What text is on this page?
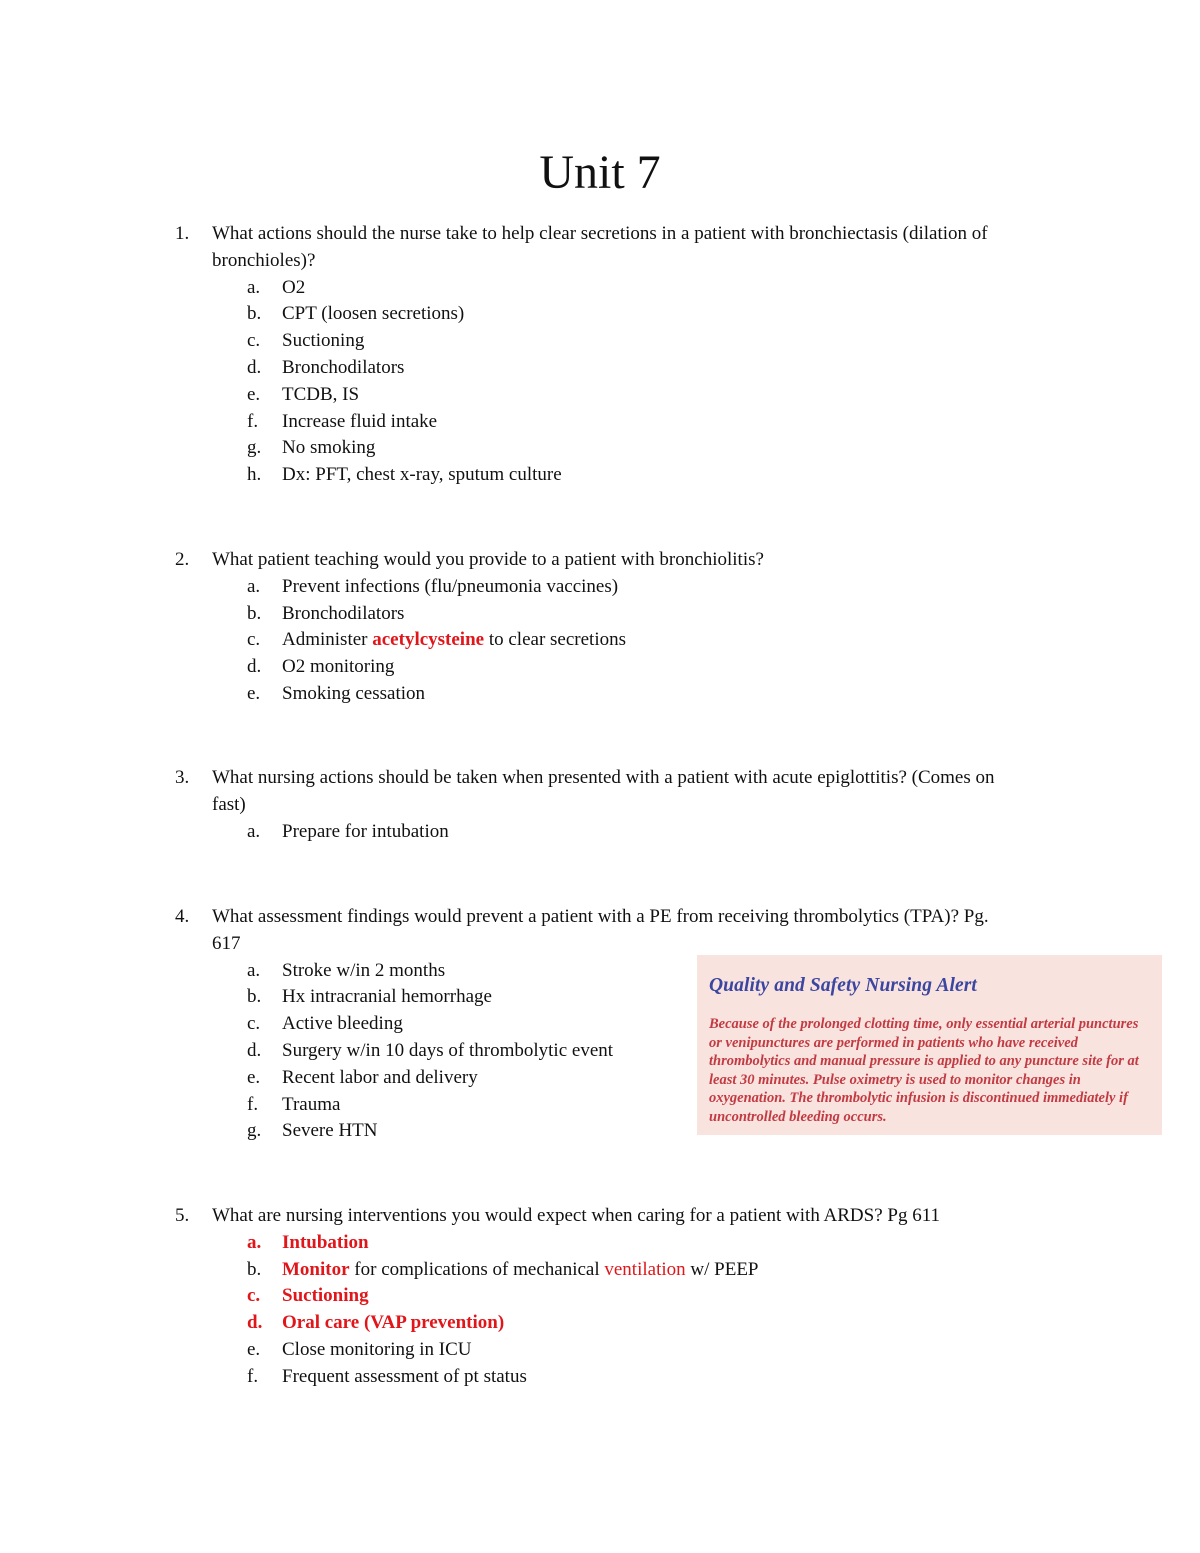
Unit 7
1. What actions should the nurse take to help clear secretions in a patient with bronchiectasis (dilation of bronchioles)?
a. O2
b. CPT (loosen secretions)
c. Suctioning
d. Bronchodilators
e. TCDB, IS
f. Increase fluid intake
g. No smoking
h. Dx: PFT, chest x-ray, sputum culture
2. What patient teaching would you provide to a patient with bronchiolitis?
a. Prevent infections (flu/pneumonia vaccines)
b. Bronchodilators
c. Administer acetylcysteine to clear secretions
d. O2 monitoring
e. Smoking cessation
3. What nursing actions should be taken when presented with a patient with acute epiglottitis? (Comes on fast)
a. Prepare for intubation
4. What assessment findings would prevent a patient with a PE from receiving thrombolytics (TPA)? Pg. 617
a. Stroke w/in 2 months
b. Hx intracranial hemorrhage
c. Active bleeding
d. Surgery w/in 10 days of thrombolytic event
e. Recent labor and delivery
f. Trauma
g. Severe HTN
Quality and Safety Nursing Alert
Because of the prolonged clotting time, only essential arterial punctures or venipunctures are performed in patients who have received thrombolytics and manual pressure is applied to any puncture site for at least 30 minutes. Pulse oximetry is used to monitor changes in oxygenation. The thrombolytic infusion is discontinued immediately if uncontrolled bleeding occurs.
5. What are nursing interventions you would expect when caring for a patient with ARDS? Pg 611
a. Intubation
b. Monitor for complications of mechanical ventilation w/ PEEP
c. Suctioning
d. Oral care (VAP prevention)
e. Close monitoring in ICU
f. Frequent assessment of pt status
